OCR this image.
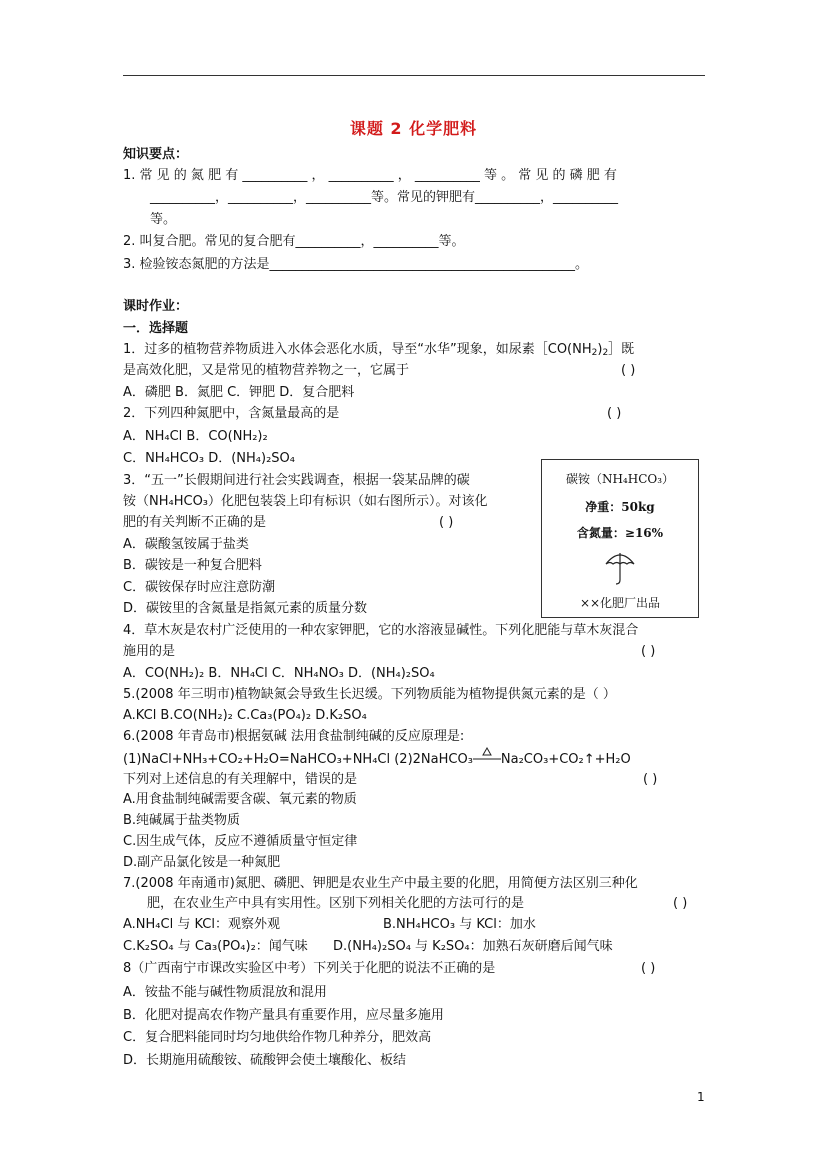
课题 2 化学肥料
知识要点：
1. 常 见 的 氮 肥 有 __________ ， __________ ， __________ 等 。 常 见 的 磷 肥 有
__________，__________，__________等。常见的钾肥有__________，__________
等。
2. 叫复合肥。常见的复合肥有__________，__________等。
3. 检验铵态氮肥的方法是_______________________________________________。
课时作业：
一．选择题
1．过多的植物营养物质进入水体会恶化水质，导至“水华”现象，如尿素$[CO(NH_2)_2]$既
是高效化肥，又是常见的植物营养物之一，它属于	( )
A．磷肥 B．氮肥 C．钾肥 D．复合肥料
2．下列四种氮肥中，含氮量最高的是	( )
A．NH₄Cl B．CO(NH₂)₂
C．NH₄HCO₃ D．(NH₄)₂SO₄
3．“五一”长假期间进行社会实践调查，根据一袋某品牌的碳
铵（NH₄HCO₃）化肥包装袋上印有标识（如右图所示）。对该化
肥的有关判断不正确的是	( )
A．碳酸氢铵属于盐类
B．碳铵是一种复合肥料
C．碳铵保存时应注意防潮
D．碳铵里的含氮量是指氮元素的质量分数
碳铵（NH₄HCO₃）
净重：50kg
含氮量：≥16%
××化肥厂出品
4．草木灰是农村广泛使用的一种农家钾肥，它的水溶液显碱性。下列化肥能与草木灰混合
施用的是	( )
A．CO(NH₂)₂ B．NH₄Cl C．NH₄NO₃ D．(NH₄)₂SO₄
5.(2008 年三明市)植物缺氮会导致生长迟缓。下列物质能为植物提供氮元素的是（ ）
A.KCl B.CO(NH₂)₂ C.Ca₃(PO₄)₂ D.K₂SO₄
6.(2008 年青岛市)根据氨碱 法用食盐制纯碱的反应原理是:
(1)NaCl+NH₃+CO₂+H₂O=NaHCO₃+NH₄Cl (2)2NaHCO₃ Na₂CO₃+CO₂↑+H₂O
下列对上述信息的有关理解中，错误的是	( )
A.用食盐制纯碱需要含碳、氧元素的物质
B.纯碱属于盐类物质
C.因生成气体，反应不遵循质量守恒定律
D.副产品氯化铵是一种氮肥
7.(2008 年南通市)氮肥、磷肥、钾肥是农业生产中最主要的化肥，用简便方法区别三种化
肥，在农业生产中具有实用性。区别下列相关化肥的方法可行的是	( )
A.NH₄Cl 与 KCl：观察外观	B.NH₄HCO₃ 与 KCl：加水
C.K₂SO₄ 与 Ca₃(PO₄)₂：闻气味 D.(NH₄)₂SO₄ 与 K₂SO₄：加熟石灰研磨后闻气味
8（广西南宁市课改实验区中考）下列关于化肥的说法不正确的是	( )
A．铵盐不能与碱性物质混放和混用
B．化肥对提高农作物产量具有重要作用，应尽量多施用
C．复合肥料能同时均匀地供给作物几种养分，肥效高
D．长期施用硫酸铵、硫酸钾会使土壤酸化、板结
1
